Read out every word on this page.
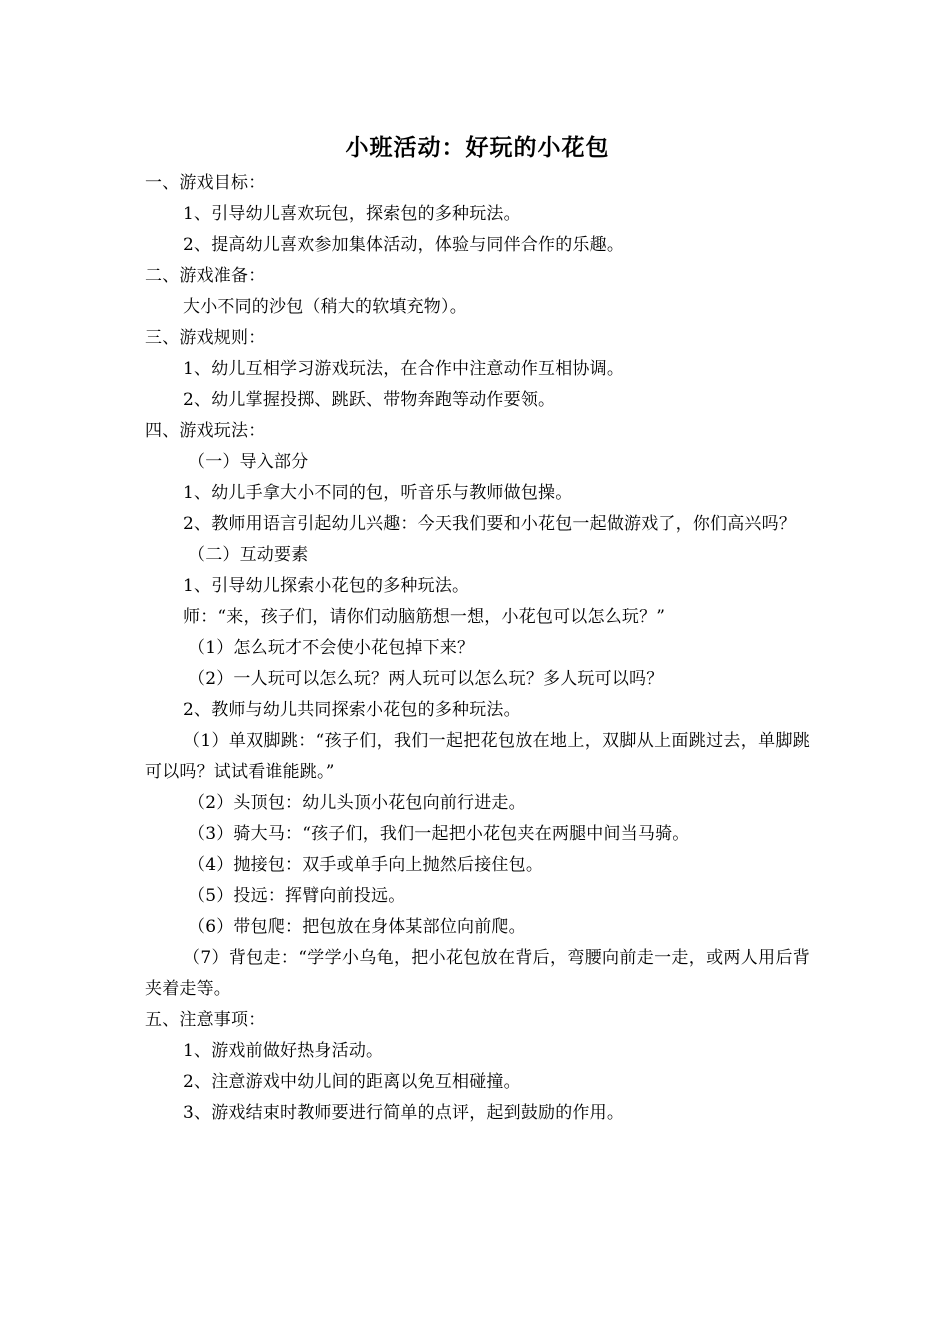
小班活动：好玩的小花包
一、游戏目标：
1、引导幼儿喜欢玩包，探索包的多种玩法。
2、提高幼儿喜欢参加集体活动，体验与同伴合作的乐趣。
二、游戏准备：
大小不同的沙包（稍大的软填充物）。
三、游戏规则：
1、幼儿互相学习游戏玩法，在合作中注意动作互相协调。
2、幼儿掌握投掷、跳跃、带物奔跑等动作要领。
四、游戏玩法：
（一）导入部分
1、幼儿手拿大小不同的包，听音乐与教师做包操。
2、教师用语言引起幼儿兴趣：今天我们要和小花包一起做游戏了，你们高兴吗？
（二）互动要素
1、引导幼儿探索小花包的多种玩法。
师：“来，孩子们，请你们动脑筋想一想，小花包可以怎么玩？”
（1）怎么玩才不会使小花包掉下来？
（2）一人玩可以怎么玩？两人玩可以怎么玩？多人玩可以吗？
2、教师与幼儿共同探索小花包的多种玩法。
（1）单双脚跳：“孩子们，我们一起把花包放在地上，双脚从上面跳过去，单脚跳可以吗？试试看谁能跳。”
（2）头顶包：幼儿头顶小花包向前行进走。
（3）骑大马：“孩子们，我们一起把小花包夹在两腿中间当马骑。
（4）抛接包：双手或单手向上抛然后接住包。
（5）投远：挥臂向前投远。
（6）带包爬：把包放在身体某部位向前爬。
（7）背包走：“学学小乌龟，把小花包放在背后，弯腰向前走一走，或两人用后背夹着走等。
五、注意事项：
1、游戏前做好热身活动。
2、注意游戏中幼儿间的距离以免互相碰撞。
3、游戏结束时教师要进行简单的点评，起到鼓励的作用。
